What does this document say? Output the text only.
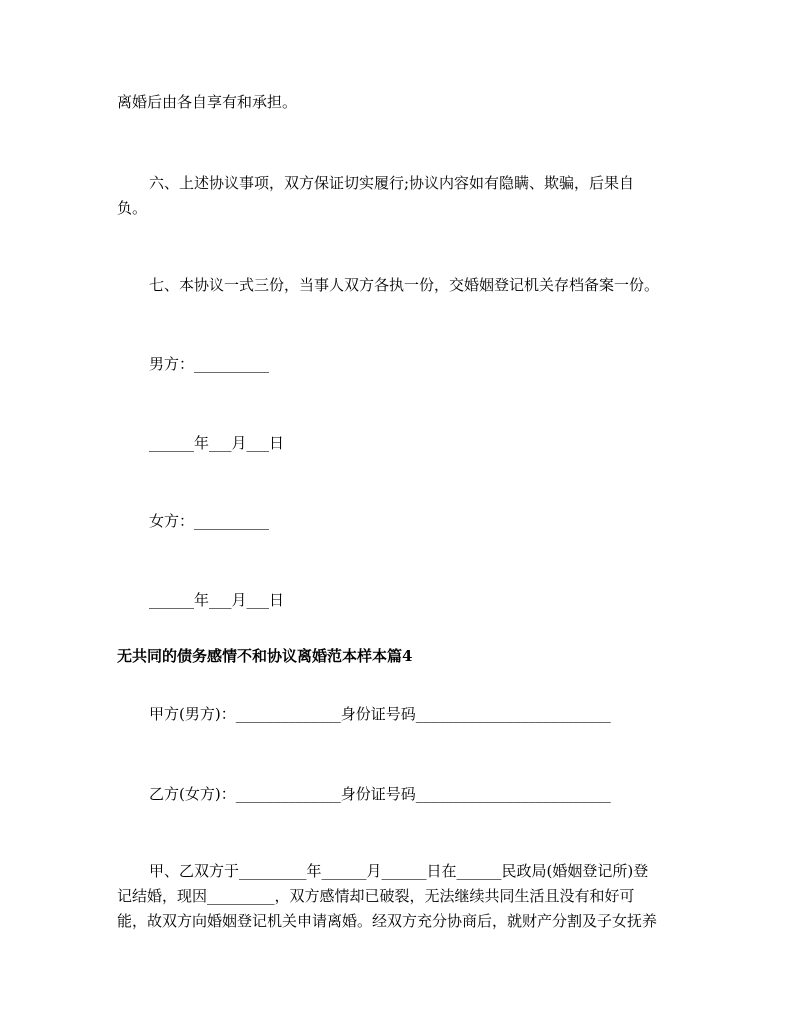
离婚后由各自享有和承担。
六、上述协议事项，双方保证切实履行;协议内容如有隐瞒、欺骗，后果自
负。
七、本协议一式三份，当事人双方各执一份，交婚姻登记机关存档备案一份。
男方：__________
______年___月___日
女方：__________
______年___月___日
无共同的债务感情不和协议离婚范本样本篇4
甲方(男方)：______________身份证号码__________________________
乙方(女方)：______________身份证号码__________________________
甲、乙双方于_________年______月______日在______民政局(婚姻登记所)登
记结婚，现因_________，双方感情却已破裂，无法继续共同生活且没有和好可
能，故双方向婚姻登记机关申请离婚。经双方充分协商后，就财产分割及子女抚养
